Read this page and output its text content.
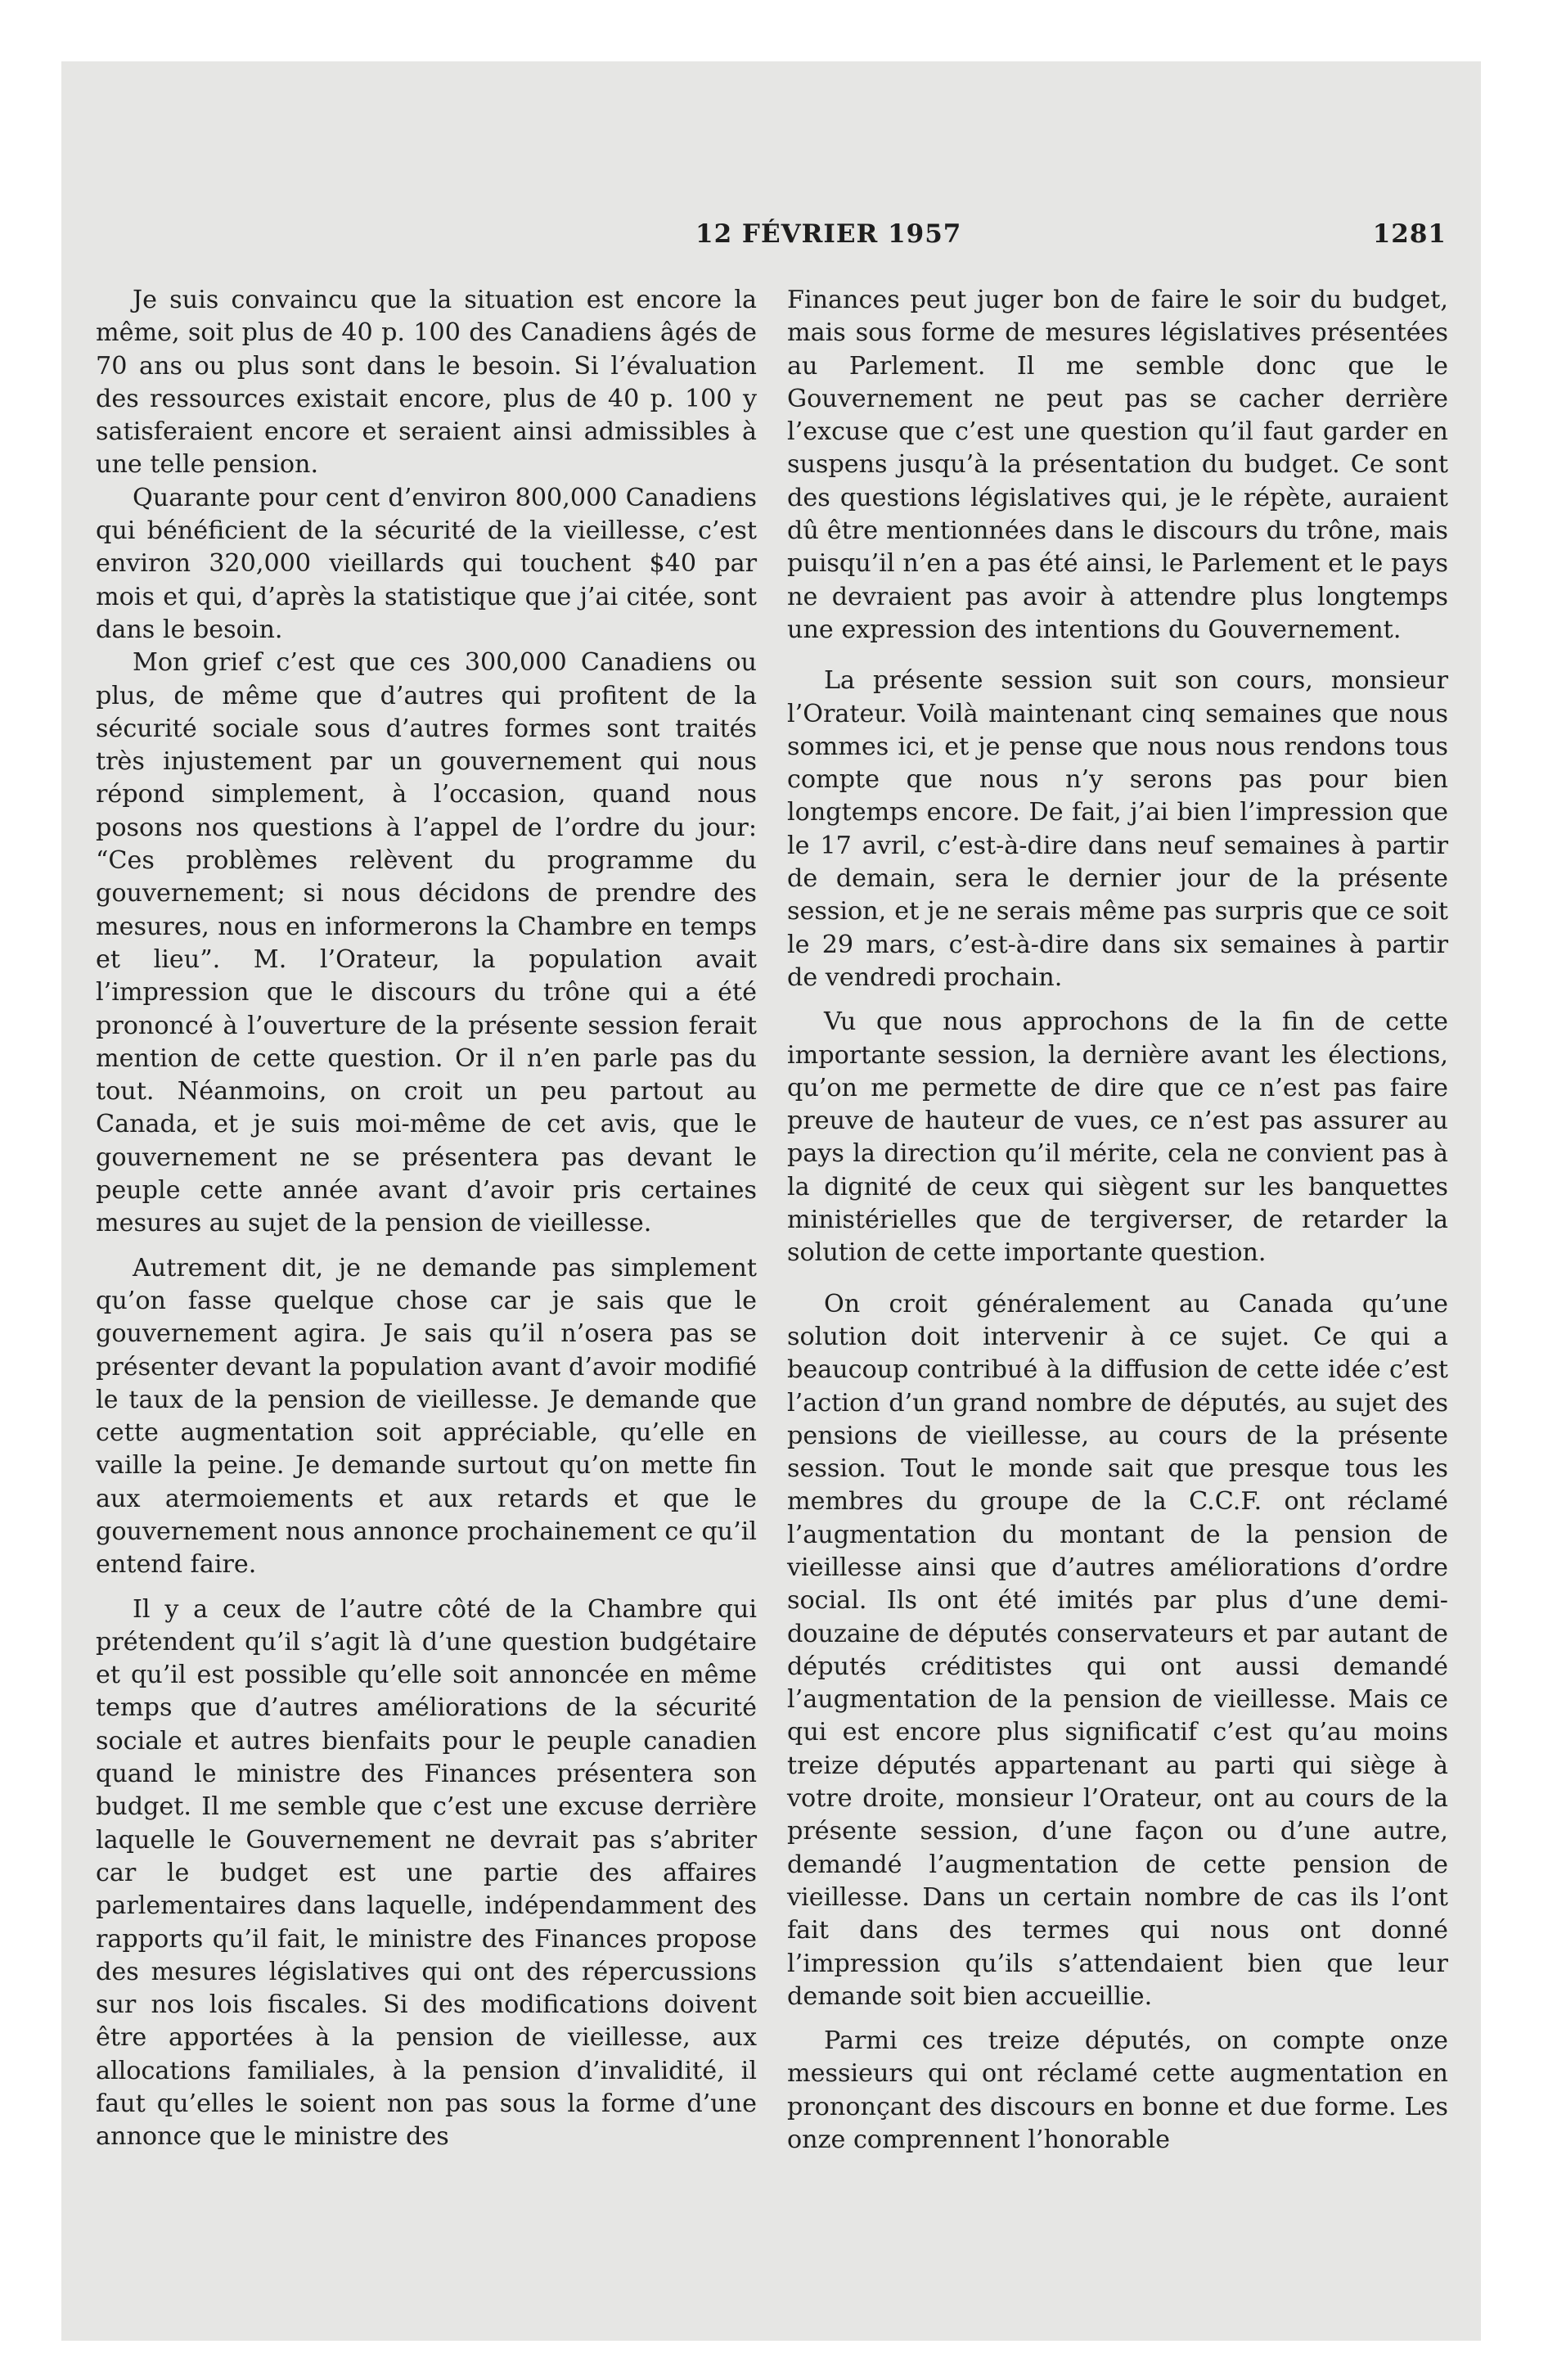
12 FÉVRIER 1957	1281

Je suis convaincu que la situation est encore la même, soit plus de 40 p. 100 des Canadiens âgés de 70 ans ou plus sont dans le besoin. Si l’évaluation des ressources existait encore, plus de 40 p. 100 y satisferaient encore et seraient ainsi admissibles à une telle pension.

Quarante pour cent d’environ 800,000 Canadiens qui bénéficient de la sécurité de la vieillesse, c’est environ 320,000 vieillards qui touchent $40 par mois et qui, d’après la statistique que j’ai citée, sont dans le besoin.

Mon grief c’est que ces 300,000 Canadiens ou plus, de même que d’autres qui profitent de la sécurité sociale sous d’autres formes sont traités très injustement par un gouvernement qui nous répond simplement, à l’occasion, quand nous posons nos questions à l’appel de l’ordre du jour: “Ces problèmes relèvent du programme du gouvernement; si nous décidons de prendre des mesures, nous en informerons la Chambre en temps et lieu”. M. l’Orateur, la population avait l’impression que le discours du trône qui a été prononcé à l’ouverture de la présente session ferait mention de cette question. Or il n’en parle pas du tout. Néanmoins, on croit un peu partout au Canada, et je suis moi-même de cet avis, que le gouvernement ne se présentera pas devant le peuple cette année avant d’avoir pris certaines mesures au sujet de la pension de vieillesse.

Autrement dit, je ne demande pas simplement qu’on fasse quelque chose car je sais que le gouvernement agira. Je sais qu’il n’osera pas se présenter devant la population avant d’avoir modifié le taux de la pension de vieillesse. Je demande que cette augmentation soit appréciable, qu’elle en vaille la peine. Je demande surtout qu’on mette fin aux atermoiements et aux retards et que le gouvernement nous annonce prochainement ce qu’il entend faire.

Il y a ceux de l’autre côté de la Chambre qui prétendent qu’il s’agit là d’une question budgétaire et qu’il est possible qu’elle soit annoncée en même temps que d’autres améliorations de la sécurité sociale et autres bienfaits pour le peuple canadien quand le ministre des Finances présentera son budget. Il me semble que c’est une excuse derrière laquelle le Gouvernement ne devrait pas s’abriter car le budget est une partie des affaires parlementaires dans laquelle, indépendamment des rapports qu’il fait, le ministre des Finances propose des mesures législatives qui ont des répercussions sur nos lois fiscales. Si des modifications doivent être apportées à la pension de vieillesse, aux allocations familiales, à la pension d’invalidité, il faut qu’elles le soient non pas sous la forme d’une annonce que le ministre des

Finances peut juger bon de faire le soir du budget, mais sous forme de mesures législatives présentées au Parlement. Il me semble donc que le Gouvernement ne peut pas se cacher derrière l’excuse que c’est une question qu’il faut garder en suspens jusqu’à la présentation du budget. Ce sont des questions législatives qui, je le répète, auraient dû être mentionnées dans le discours du trône, mais puisqu’il n’en a pas été ainsi, le Parlement et le pays ne devraient pas avoir à attendre plus longtemps une expression des intentions du Gouvernement.

La présente session suit son cours, monsieur l’Orateur. Voilà maintenant cinq semaines que nous sommes ici, et je pense que nous nous rendons tous compte que nous n’y serons pas pour bien longtemps encore. De fait, j’ai bien l’impression que le 17 avril, c’est-à-dire dans neuf semaines à partir de demain, sera le dernier jour de la présente session, et je ne serais même pas surpris que ce soit le 29 mars, c’est-à-dire dans six semaines à partir de vendredi prochain.

Vu que nous approchons de la fin de cette importante session, la dernière avant les élections, qu’on me permette de dire que ce n’est pas faire preuve de hauteur de vues, ce n’est pas assurer au pays la direction qu’il mérite, cela ne convient pas à la dignité de ceux qui siègent sur les banquettes ministérielles que de tergiverser, de retarder la solution de cette importante question.

On croit généralement au Canada qu’une solution doit intervenir à ce sujet. Ce qui a beaucoup contribué à la diffusion de cette idée c’est l’action d’un grand nombre de députés, au sujet des pensions de vieillesse, au cours de la présente session. Tout le monde sait que presque tous les membres du groupe de la C.C.F. ont réclamé l’augmentation du montant de la pension de vieillesse ainsi que d’autres améliorations d’ordre social. Ils ont été imités par plus d’une demi-douzaine de députés conservateurs et par autant de députés créditistes qui ont aussi demandé l’augmentation de la pension de vieillesse. Mais ce qui est encore plus significatif c’est qu’au moins treize députés appartenant au parti qui siège à votre droite, monsieur l’Orateur, ont au cours de la présente session, d’une façon ou d’une autre, demandé l’augmentation de cette pension de vieillesse. Dans un certain nombre de cas ils l’ont fait dans des termes qui nous ont donné l’impression qu’ils s’attendaient bien que leur demande soit bien accueillie.

Parmi ces treize députés, on compte onze messieurs qui ont réclamé cette augmentation en prononçant des discours en bonne et due forme. Les onze comprennent l’honorable
